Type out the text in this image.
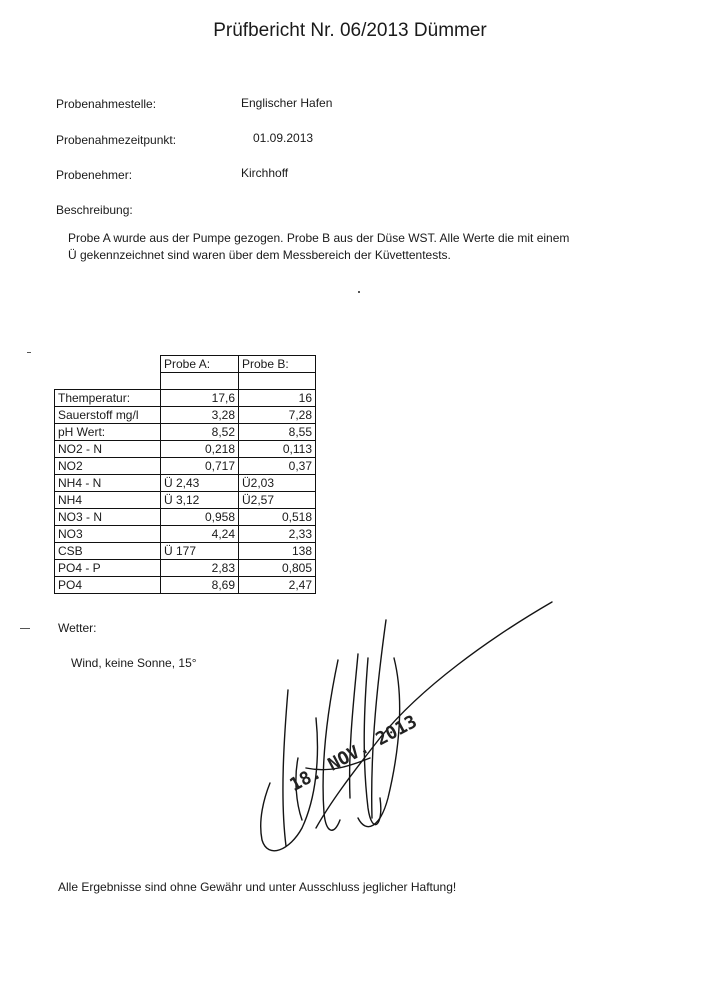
Prüfbericht Nr. 06/2013 Dümmer
Probenahmestelle:	Englischer Hafen
Probenahmezeitpunkt:	01.09.2013
Probenehmer:	Kirchhoff
Beschreibung:
Probe A wurde aus der Pumpe gezogen. Probe B aus der Düse WST. Alle Werte die mit einem
Ü gekennzeichnet sind waren über dem Messbereich der Küvettentests.
	Probe A:	Probe B:

Themperatur:	17,6	16
Sauerstoff mg/l	3,28	7,28
pH Wert:	8,52	8,55
NO2 - N	0,218	0,113
NO2	0,717	0,37
NH4 - N	Ü 2,43	Ü2,03
NH4	Ü 3,12	Ü2,57
NO3 - N	0,958	0,518
NO3	4,24	2,33
CSB	Ü 177	138
PO4 - P	2,83	0,805
PO4	8,69	2,47
Wetter:
Wind, keine Sonne, 15°
18. NOV. 2013
Alle Ergebnisse sind ohne Gewähr und unter Ausschluss jeglicher Haftung!
